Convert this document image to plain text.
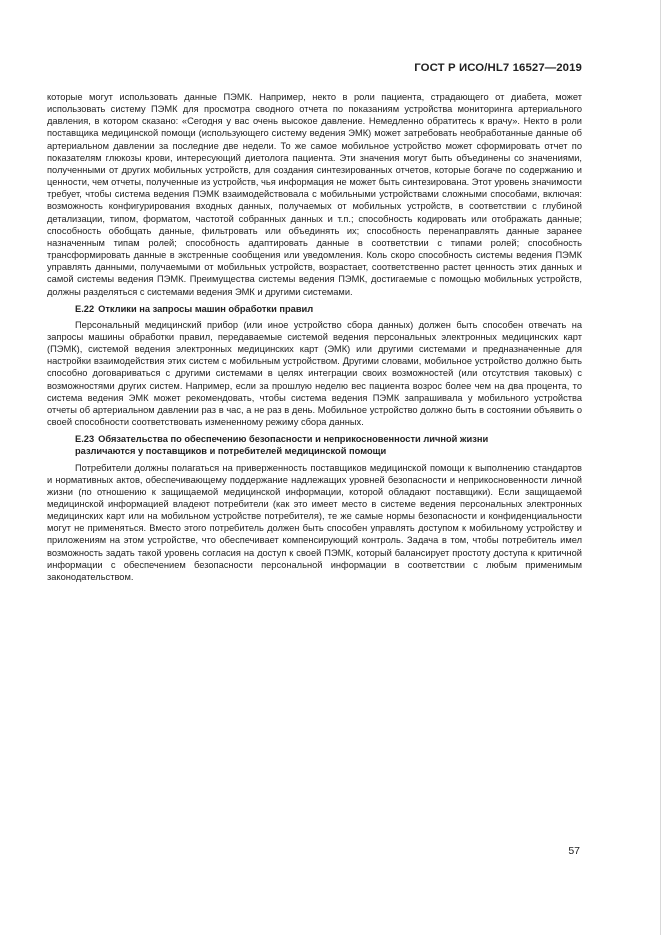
ГОСТ Р ИСО/HL7 16527—2019

которые могут использовать данные ПЭМК. Например, некто в роли пациента, страдающего от диабета, может использовать систему ПЭМК для просмотра сводного отчета по показаниям устройства мониторинга артериального давления, в котором сказано: «Сегодня у вас очень высокое давление. Немедленно обратитесь к врачу». Некто в роли поставщика медицинской помощи (использующего систему ведения ЭМК) может затребовать необработанные данные об артериальном давлении за последние две недели. То же самое мобильное устройство может сформировать отчет по показателям глюкозы крови, интересующий диетолога пациента. Эти значения могут быть объединены со значениями, полученными от других мобильных устройств, для создания синтезированных отчетов, которые богаче по содержанию и ценности, чем отчеты, полученные из устройств, чья информация не может быть синтезирована. Этот уровень значимости требует, чтобы система ведения ПЭМК взаимодействовала с мобильными устройствами сложными способами, включая: возможность конфигурирования входных данных, получаемых от мобильных устройств, в соответствии с глубиной детализации, типом, форматом, частотой собранных данных и т.п.; способность кодировать или отображать данные; способность обобщать данные, фильтровать или объединять их; способность перенаправлять данные заранее назначенным типам ролей; способность адаптировать данные в соответствии с типами ролей; способность трансформировать данные в экстренные сообщения или уведомления. Коль скоро способность системы ведения ПЭМК управлять данными, получаемыми от мобильных устройств, возрастает, соответственно растет ценность этих данных и самой системы ведения ПЭМК. Преимущества системы ведения ПЭМК, достигаемые с помощью мобильных устройств, должны разделяться с системами ведения ЭМК и другими системами.

Е.22 Отклики на запросы машин обработки правил

Персональный медицинский прибор (или иное устройство сбора данных) должен быть способен отвечать на запросы машины обработки правил, передаваемые системой ведения персональных электронных медицинских карт (ПЭМК), системой ведения электронных медицинских карт (ЭМК) или другими системами и предназначенные для настройки взаимодействия этих систем с мобильным устройством. Другими словами, мобильное устройство должно быть способно договариваться с другими системами в целях интеграции своих возможностей (или отсутствия таковых) с возможностями других систем. Например, если за прошлую неделю вес пациента возрос более чем на два процента, то система ведения ЭМК может рекомендовать, чтобы система ведения ПЭМК запрашивала у мобильного устройства отчеты об артериальном давлении раз в час, а не раз в день. Мобильное устройство должно быть в состоянии объявить о своей способности соответствовать измененному режиму сбора данных.

Е.23 Обязательства по обеспечению безопасности и неприкосновенности личной жизни
различаются у поставщиков и потребителей медицинской помощи

Потребители должны полагаться на приверженность поставщиков медицинской помощи к выполнению стандартов и нормативных актов, обеспечивающему поддержание надлежащих уровней безопасности и неприкосновенности личной жизни (по отношению к защищаемой медицинской информации, которой обладают поставщики). Если защищаемой медицинской информацией владеют потребители (как это имеет место в системе ведения персональных электронных медицинских карт или на мобильном устройстве потребителя), те же самые нормы безопасности и конфиденциальности могут не применяться. Вместо этого потребитель должен быть способен управлять доступом к мобильному устройству и приложениям на этом устройстве, что обеспечивает компенсирующий контроль. Задача в том, чтобы потребитель имел возможность задать такой уровень согласия на доступ к своей ПЭМК, который балансирует простоту доступа к критичной информации с обеспечением безопасности персональной информации в соответствии с любым применимым законодательством.

57
